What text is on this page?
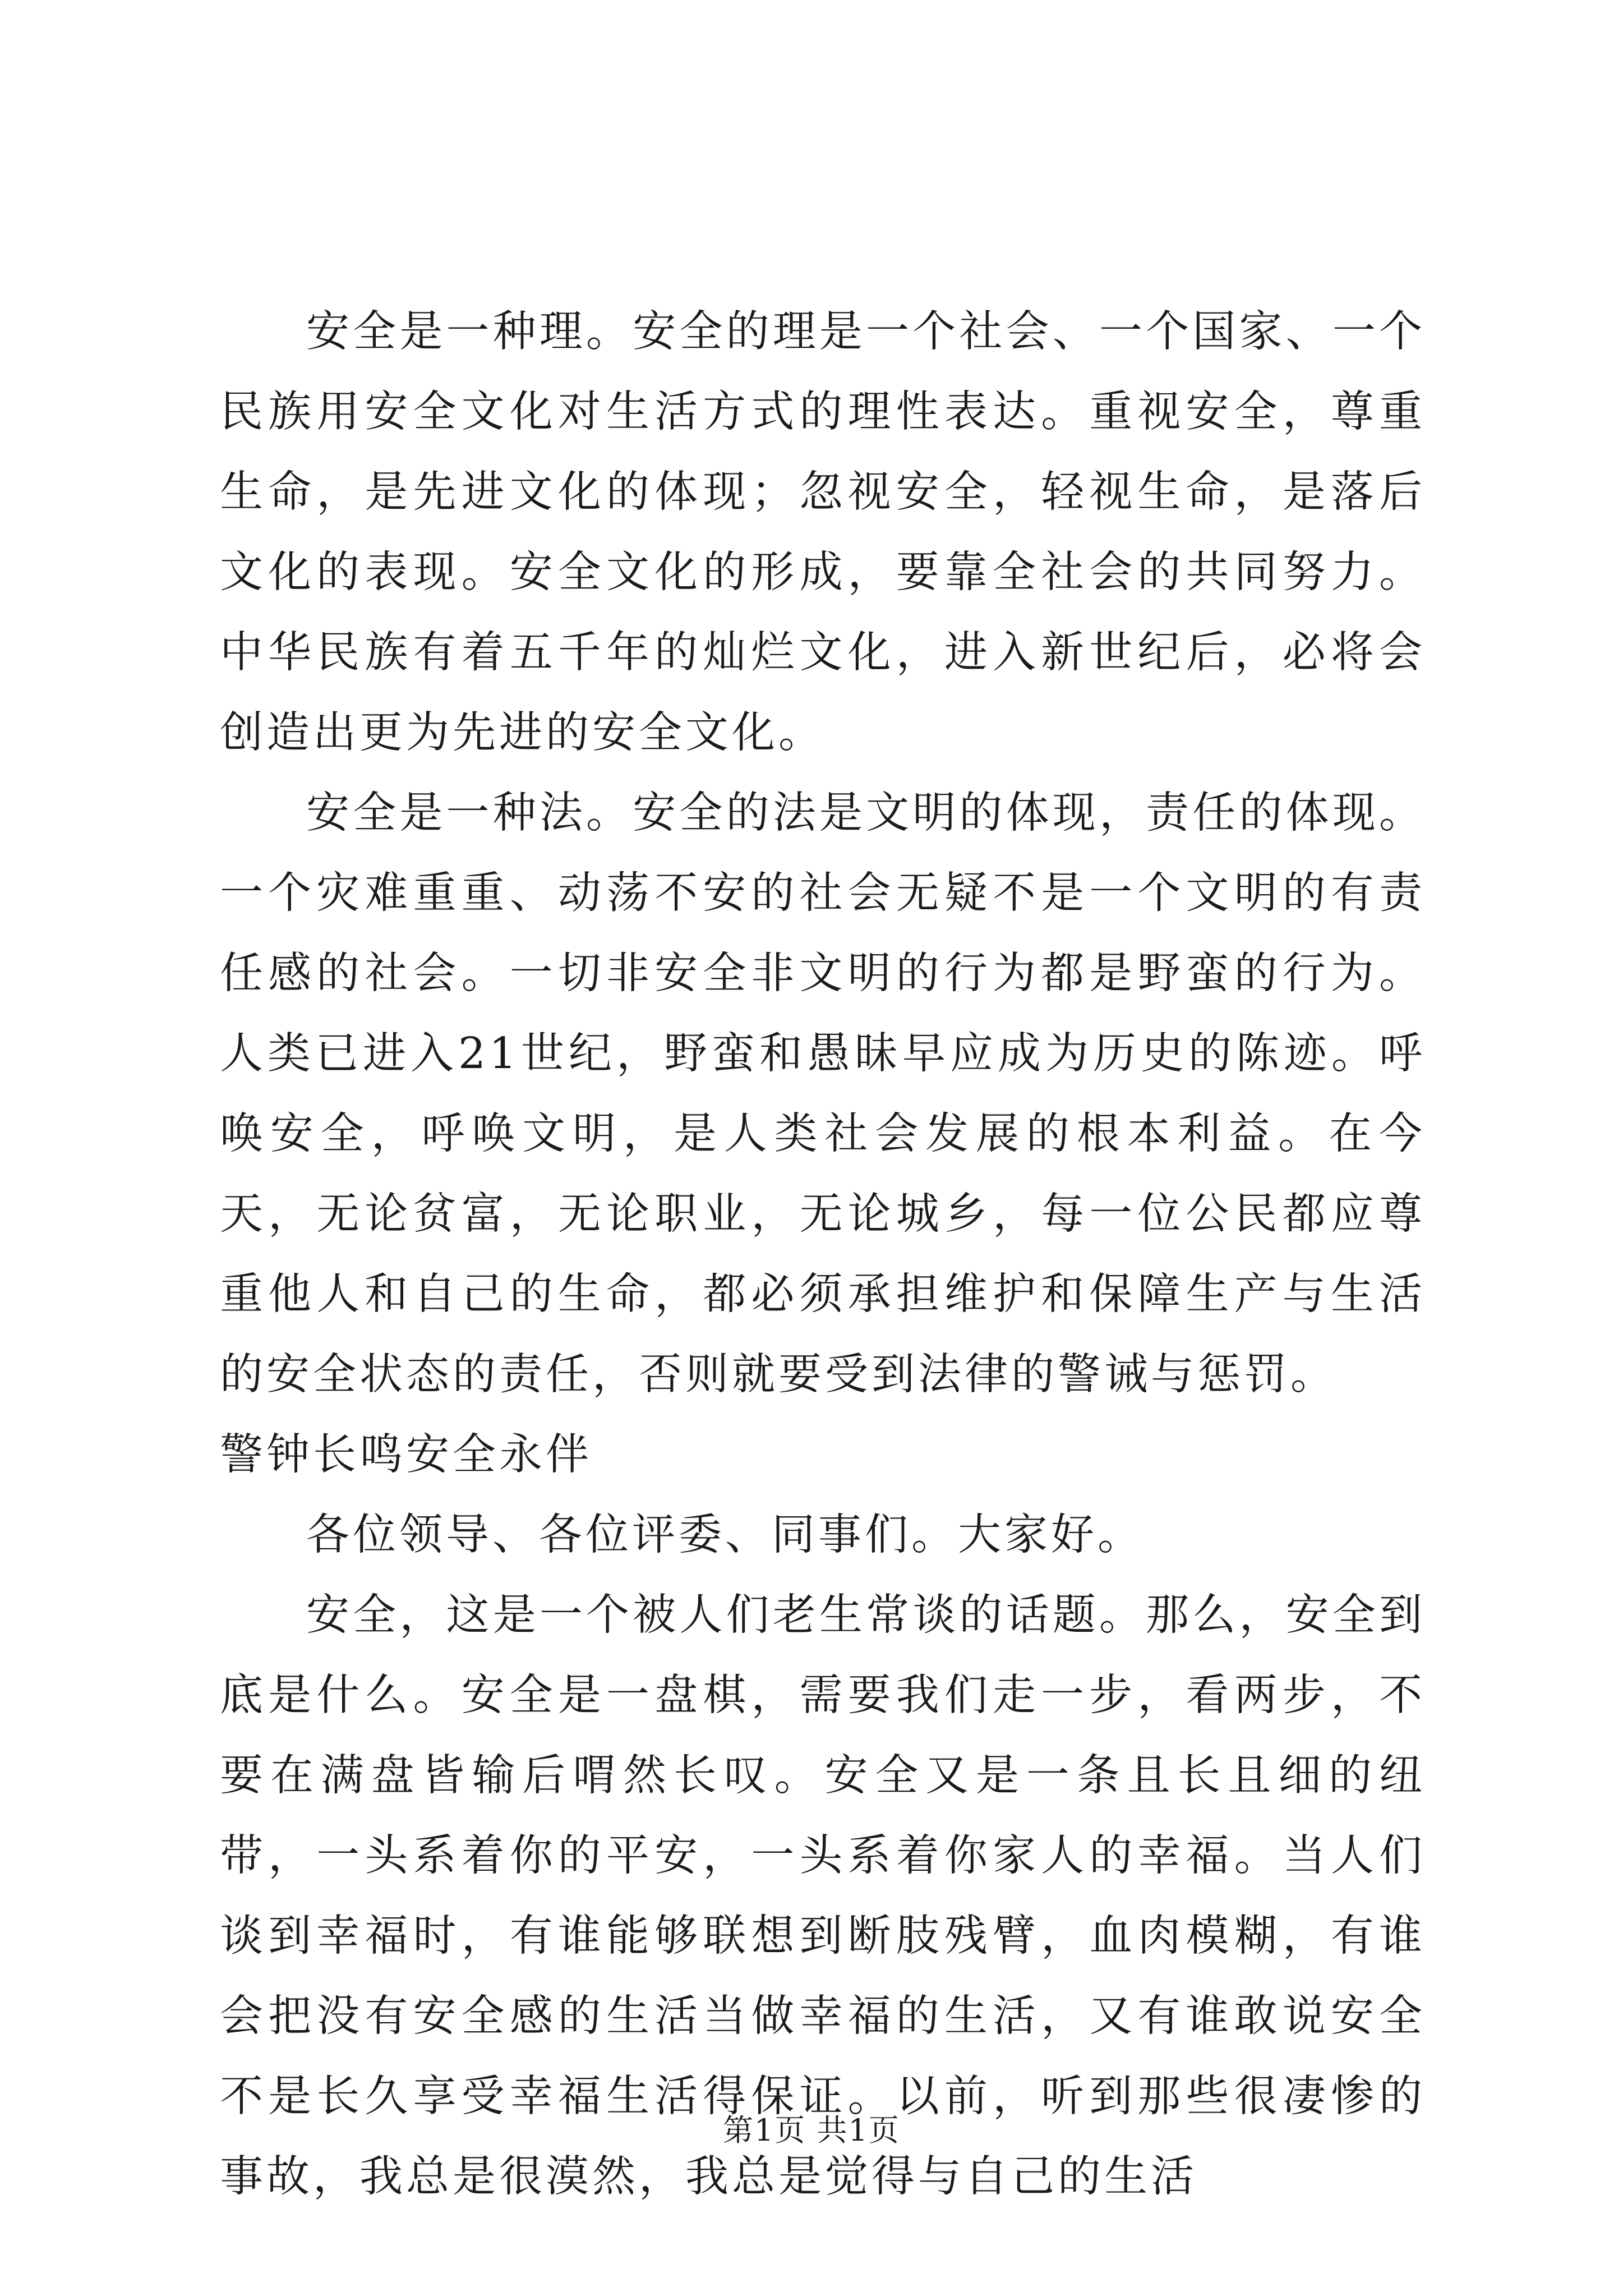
安全是一种理。安全的理是一个社会、一个国家、一个民族用安全文化对生活方式的理性表达。重视安全，尊重生命，是先进文化的体现；忽视安全，轻视生命，是落后文化的表现。安全文化的形成，要靠全社会的共同努力。中华民族有着五千年的灿烂文化，进入新世纪后，必将会创造出更为先进的安全文化。

安全是一种法。安全的法是文明的体现，责任的体现。一个灾难重重、动荡不安的社会无疑不是一个文明的有责任感的社会。一切非安全非文明的行为都是野蛮的行为。人类已进入21世纪，野蛮和愚昧早应成为历史的陈迹。呼唤安全，呼唤文明，是人类社会发展的根本利益。在今天，无论贫富，无论职业，无论城乡，每一位公民都应尊重他人和自己的生命，都必须承担维护和保障生产与生活的安全状态的责任，否则就要受到法律的警诫与惩罚。

警钟长鸣安全永伴

各位领导、各位评委、同事们。大家好。

安全，这是一个被人们老生常谈的话题。那么，安全到底是什么。安全是一盘棋，需要我们走一步，看两步，不要在满盘皆输后喟然长叹。安全又是一条且长且细的纽带，一头系着你的平安，一头系着你家人的幸福。当人们谈到幸福时，有谁能够联想到断肢残臂，血肉模糊，有谁会把没有安全感的生活当做幸福的生活，又有谁敢说安全不是长久享受幸福生活得保证。以前，听到那些很凄惨的事故，我总是很漠然，我总是觉得与自己的生活

第1页 共1页
